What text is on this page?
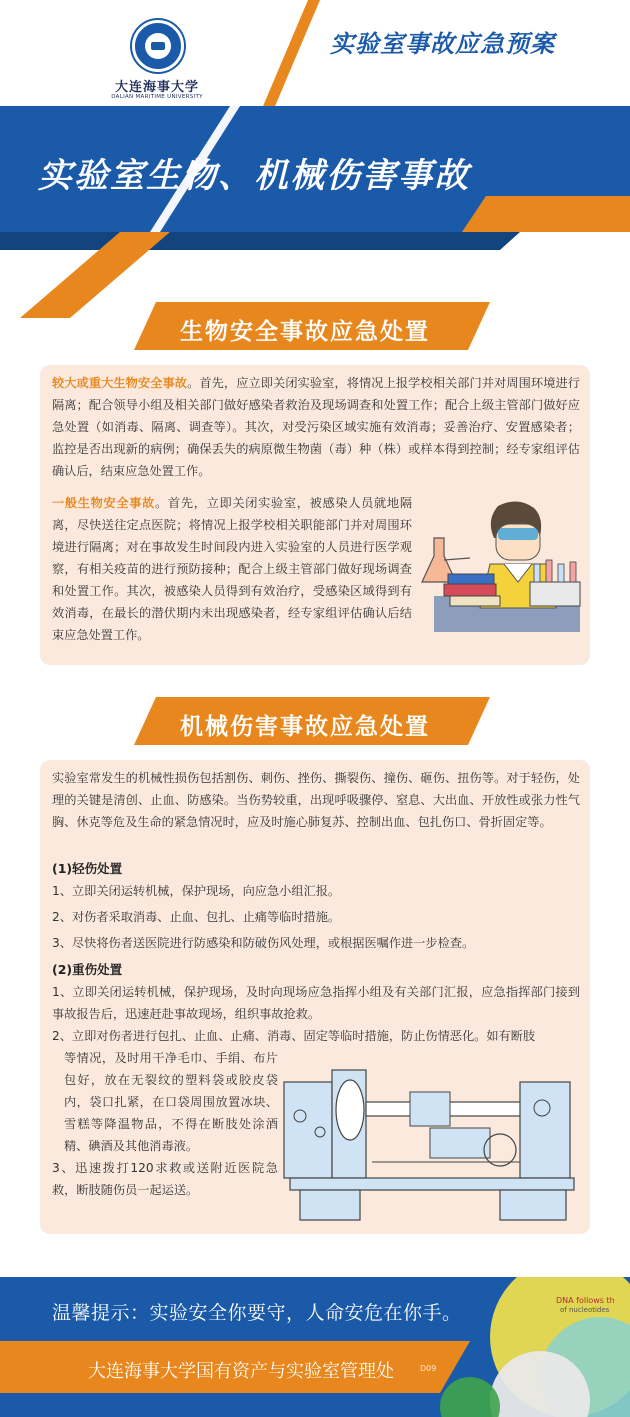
大连海事大学
DALIAN MARITIME UNIVERSITY
实验室事故应急预案
实验室生物、机械伤害事故
生物安全事故应急处置
较大或重大生物安全事故。首先，应立即关闭实验室，将情况上报学校相关部门并对周围环境进行隔离；配合领导小组及相关部门做好感染者救治及现场调查和处置工作；配合上级主管部门做好应急处置（如消毒、隔离、调查等）。其次，对受污染区域实施有效消毒；妥善治疗、安置感染者；监控是否出现新的病例；确保丢失的病原微生物菌（毒）种（株）或样本得到控制；经专家组评估确认后，结束应急处置工作。
一般生物安全事故。首先，立即关闭实验室，被感染人员就地隔离，尽快送往定点医院；将情况上报学校相关职能部门并对周围环境进行隔离；对在事故发生时间段内进入实验室的人员进行医学观察，有相关疫苗的进行预防接种；配合上级主管部门做好现场调查和处置工作。其次，被感染人员得到有效治疗，受感染区域得到有效消毒，在最长的潜伏期内未出现感染者，经专家组评估确认后结束应急处置工作。
机械伤害事故应急处置
实验室常发生的机械性损伤包括割伤、刺伤、挫伤、撕裂伤、撞伤、砸伤、扭伤等。对于轻伤，处理的关键是清创、止血、防感染。当伤势较重，出现呼吸骤停、窒息、大出血、开放性或张力性气胸、休克等危及生命的紧急情况时，应及时施心肺复苏、控制出血、包扎伤口、骨折固定等。
(1)轻伤处置
1、立即关闭运转机械，保护现场，向应急小组汇报。
2、对伤者采取消毒、止血、包扎、止痛等临时措施。
3、尽快将伤者送医院进行防感染和防破伤风处理，或根据医嘱作进一步检查。
(2)重伤处置
1、立即关闭运转机械，保护现场，及时向现场应急指挥小组及有关部门汇报，应急指挥部门接到事故报告后，迅速赶赴事故现场，组织事故抢救。
2、立即对伤者进行包扎、止血、止痛、消毒、固定等临时措施，防止伤情恶化。如有断肢
等情况，及时用干净毛巾、手绢、布片包好，放在无裂纹的塑料袋或胶皮袋内，袋口扎紧，在口袋周围放置冰块、雪糕等降温物品，不得在断肢处涂酒精、碘酒及其他消毒液。
3、迅速拨打120求救或送附近医院急救，断肢随伤员一起运送。
DNA follows th
of nucleotides
温馨提示：实验安全你要守，人命安危在你手。
大连海事大学国有资产与实验室管理处	D09
